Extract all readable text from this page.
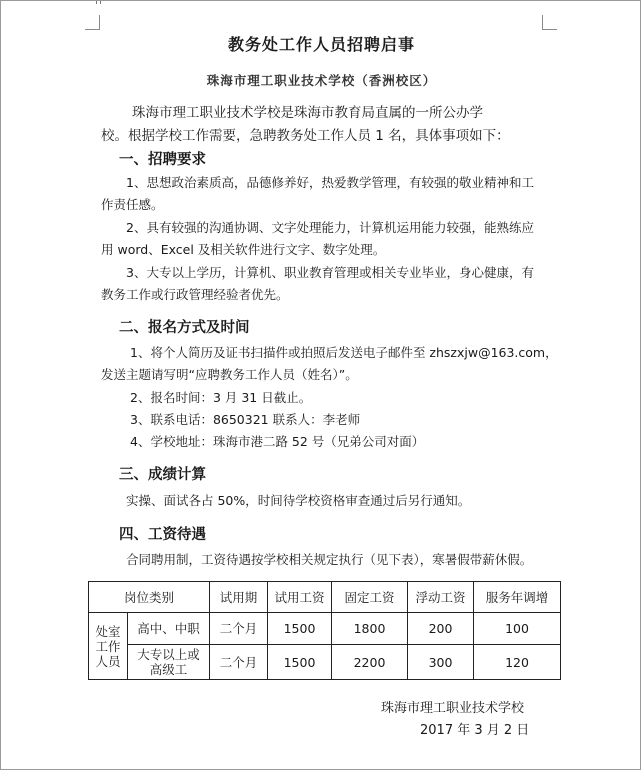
教务处工作人员招聘启事
珠海市理工职业技术学校（香洲校区）
珠海市理工职业技术学校是珠海市教育局直属的一所公办学
校。根据学校工作需要，急聘教务处工作人员 1 名，具体事项如下：
一、招聘要求
1、思想政治素质高，品德修养好，热爱教学管理，有较强的敬业精神和工
作责任感。
2、具有较强的沟通协调、文字处理能力，计算机运用能力较强，能熟练应
用 word、Excel 及相关软件进行文字、数字处理。
3、大专以上学历，计算机、职业教育管理或相关专业毕业，身心健康，有
教务工作或行政管理经验者优先。
二、报名方式及时间
1、将个人简历及证书扫描件或拍照后发送电子邮件至 zhszxjw@163.com，
发送主题请写明“应聘教务工作人员（姓名）”。
2、报名时间：3 月 31 日截止。
3、联系电话：8650321 联系人：李老师
4、学校地址：珠海市港二路 52 号（兄弟公司对面）
三、成绩计算
实操、面试各占 50%，时间待学校资格审查通过后另行通知。
四、工资待遇
合同聘用制，工资待遇按学校相关规定执行（见下表），寒暑假带薪休假。
岗位类别		试用期	试用工资	固定工资	浮动工资	服务年调增

处室
工作
人员	高中、中职	二个月	1500	1800	200	100

	大专以上或
高级工	二个月	1500	2200	300	120
珠海市理工职业技术学校
2017 年 3 月 2 日
